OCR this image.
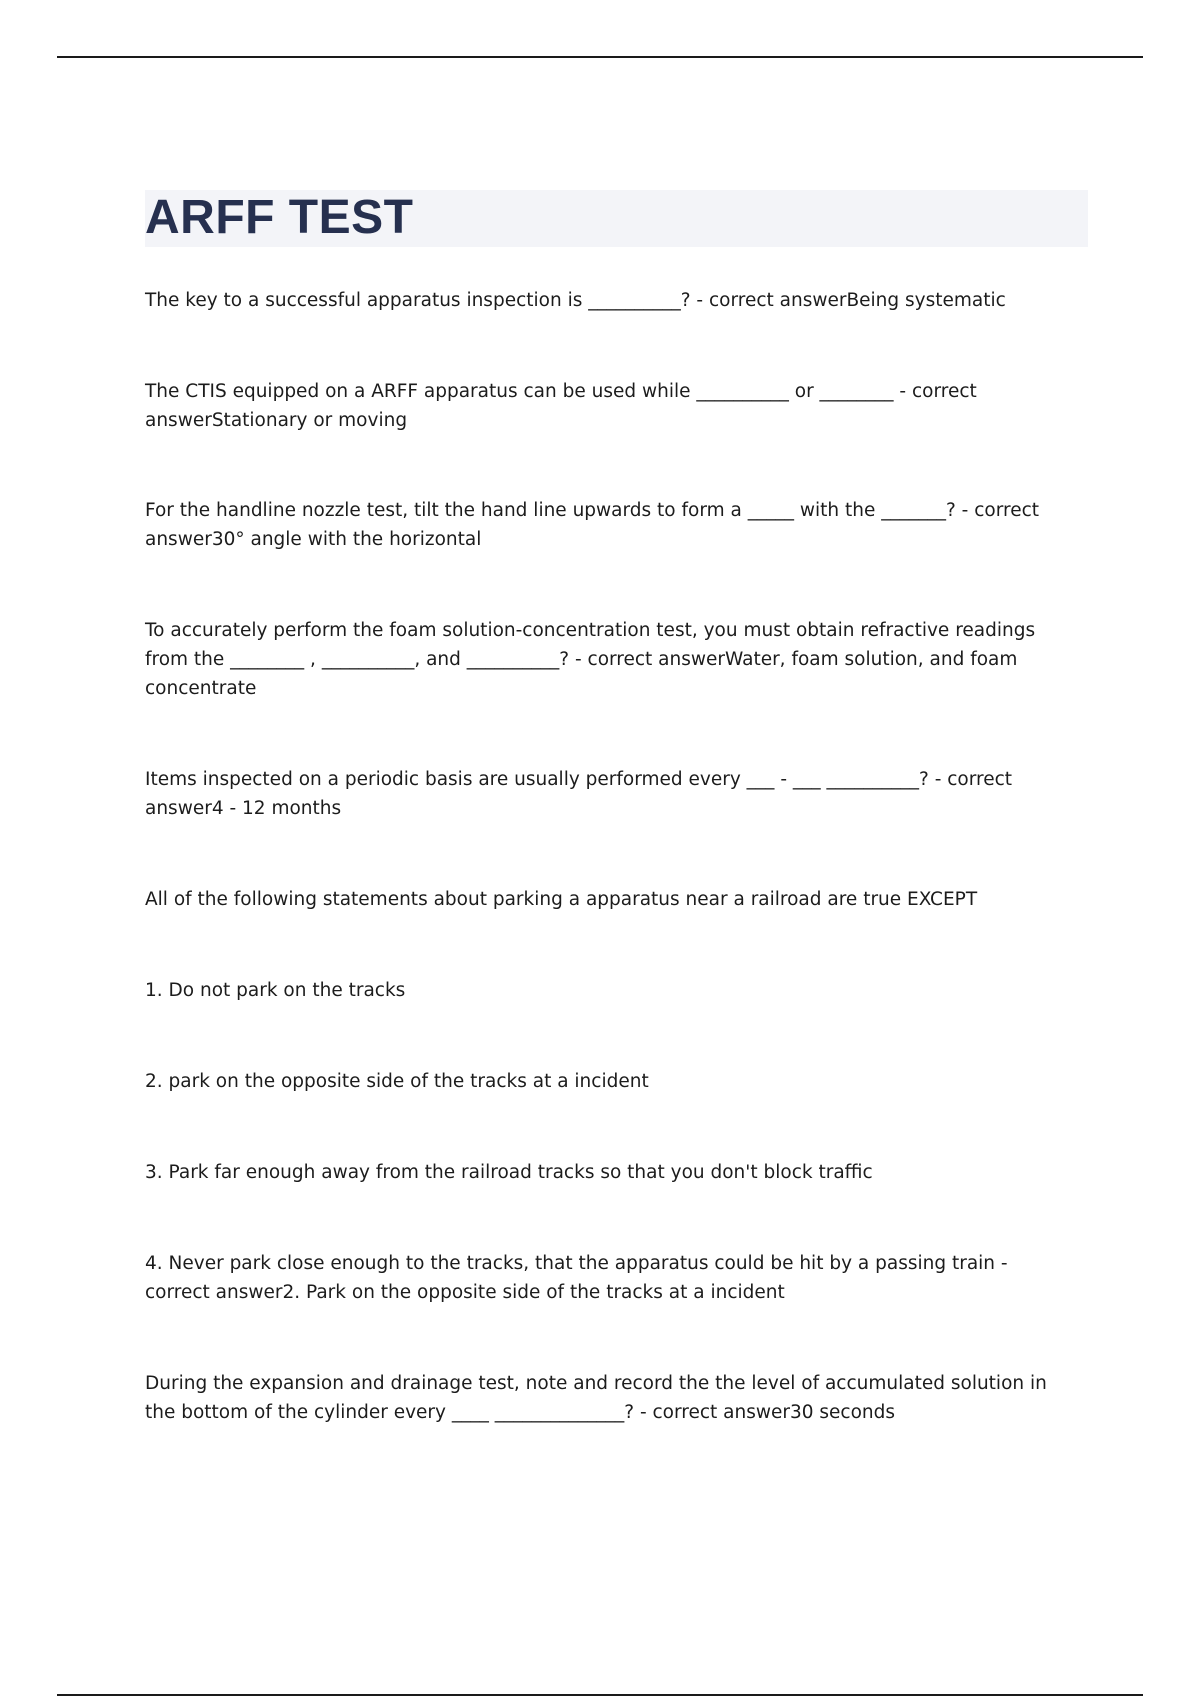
ARFF TEST

The key to a successful apparatus inspection is __________? - correct answerBeing systematic

The CTIS equipped on a ARFF apparatus can be used while __________ or ________ - correct answerStationary or moving

For the handline nozzle test, tilt the hand line upwards to form a _____ with the _______? - correct answer30° angle with the horizontal

To accurately perform the foam solution-concentration test, you must obtain refractive readings from the ________ , __________, and __________? - correct answerWater, foam solution, and foam concentrate

Items inspected on a periodic basis are usually performed every ___ - ___ __________? - correct answer4 - 12 months

All of the following statements about parking a apparatus near a railroad are true EXCEPT

1. Do not park on the tracks

2. park on the opposite side of the tracks at a incident

3. Park far enough away from the railroad tracks so that you don't block traffic

4. Never park close enough to the tracks, that the apparatus could be hit by a passing train - correct answer2. Park on the opposite side of the tracks at a incident

During the expansion and drainage test, note and record the the level of accumulated solution in the bottom of the cylinder every ____ ______________? - correct answer30 seconds
